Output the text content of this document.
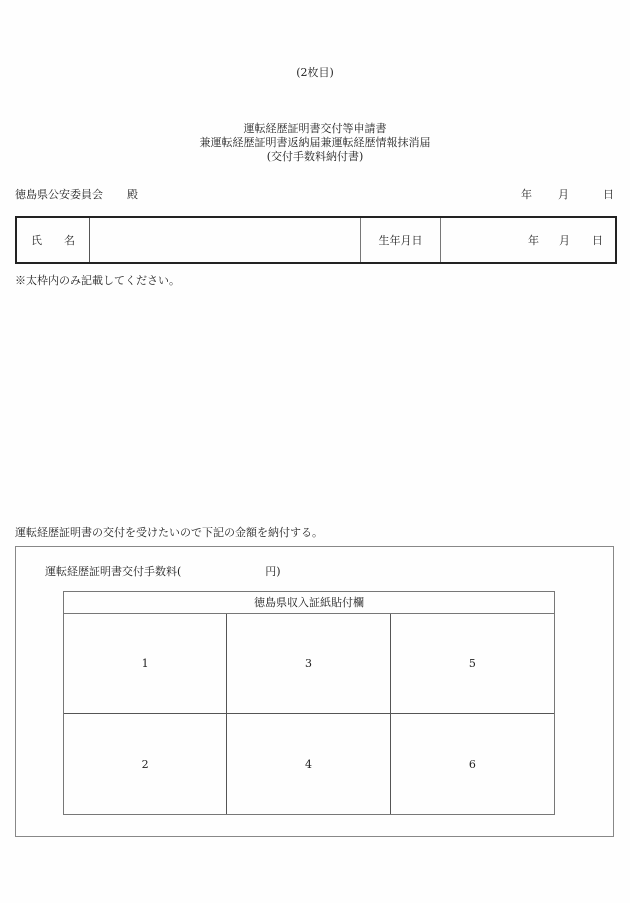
(2枚目)
運転経歴証明書交付等申請書
兼運転経歴証明書返納届兼運転経歴情報抹消届
(交付手数料納付書)
徳島県公安委員会 殿	年 月	日
氏 名	生年月日	年 月 日
※太枠内のみ記載してください。
運転経歴証明書の交付を受けたいので下記の金額を納付する。
運転経歴証明書交付手数料(	円)
徳島県収入証紙貼付欄
1	3	5
2	4	6
